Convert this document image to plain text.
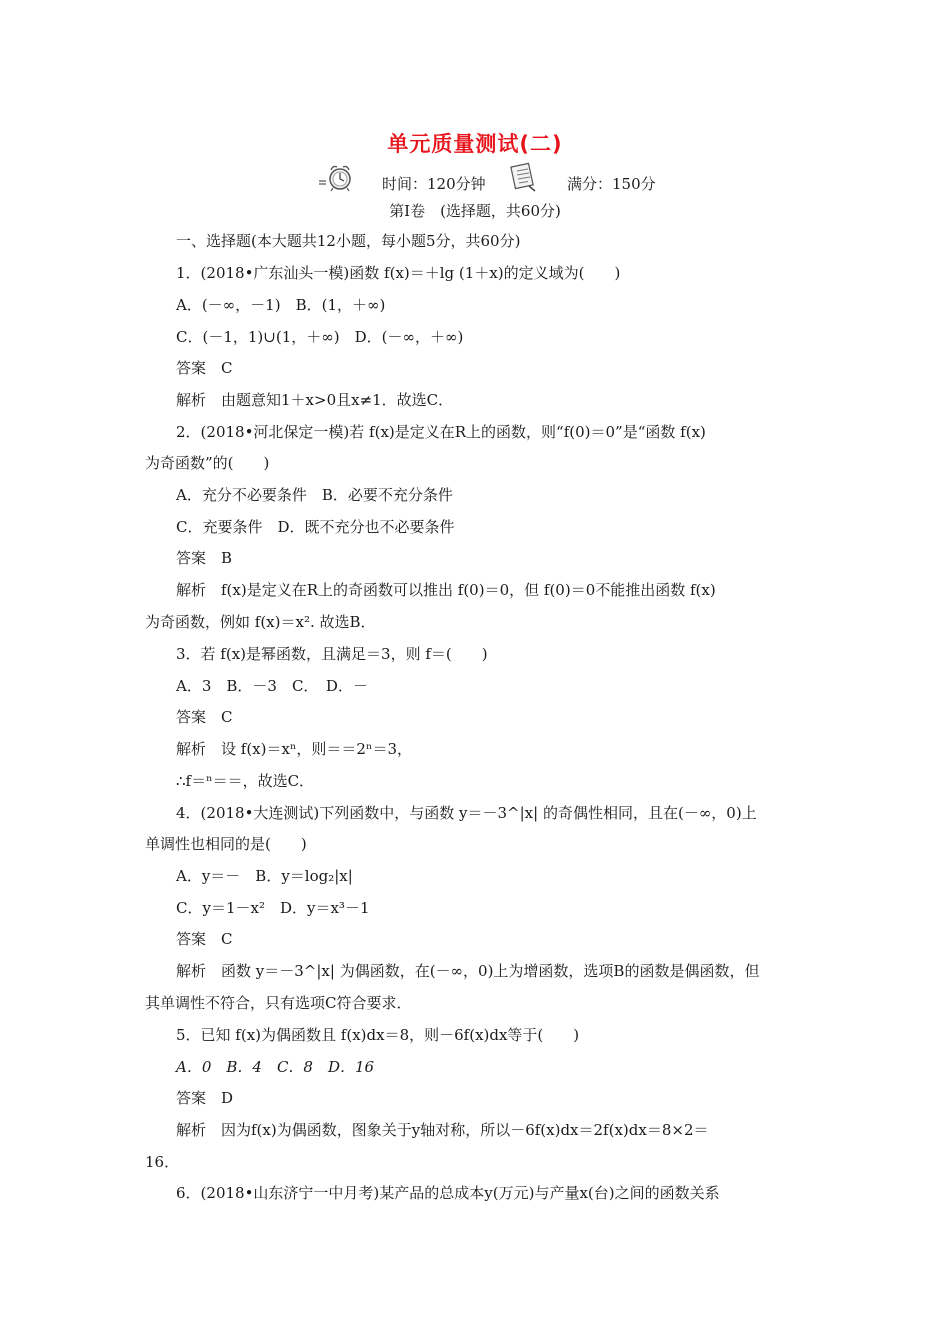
单元质量测试(二)
时间：120分钟	满分：150分
第Ⅰ卷　(选择题，共60分)
一、选择题(本大题共12小题，每小题5分，共60分)
1．(2018•广东汕头一模)函数 f(x)＝＋lg (1＋x)的定义域为(　　)
A．(－∞，－1)　B．(1，＋∞)
C．(－1，1)∪(1，＋∞)　D．(－∞，＋∞)
答案　C
解析　由题意知1＋x>0且x≠1．故选C．
2．(2018•河北保定一模)若 f(x)是定义在R上的函数，则“f(0)＝0”是“函数 f(x)
为奇函数”的(　　)
A．充分不必要条件　B．必要不充分条件
C．充要条件　D．既不充分也不必要条件
答案　B
解析　f(x)是定义在R上的奇函数可以推出 f(0)＝0，但 f(0)＝0不能推出函数 f(x)
为奇函数，例如 f(x)＝x². 故选B．
3．若 f(x)是幂函数，且满足＝3，则 f＝(　　)
A．3　B．－3　C．　D．－
答案　C
解析　设 f(x)＝xⁿ，则＝＝2ⁿ＝3，
∴f＝ⁿ＝＝，故选C．
4．(2018•大连测试)下列函数中，与函数 y＝－3^|x| 的奇偶性相同，且在(－∞，0)上
单调性也相同的是(　　)
A．y＝－　B．y＝log₂|x|
C．y＝1－x²　D．y＝x³－1
答案　C
解析　函数 y＝－3^|x| 为偶函数，在(－∞，0)上为增函数，选项B的函数是偶函数，但
其单调性不符合，只有选项C符合要求．
5．已知 f(x)为偶函数且 f(x)dx＝8，则－6f(x)dx等于(　　)
A．0　B．4　C．8　D．16
答案　D
解析　因为f(x)为偶函数，图象关于y轴对称，所以－6f(x)dx＝2f(x)dx＝8×2＝
16．
6．(2018•山东济宁一中月考)某产品的总成本y(万元)与产量x(台)之间的函数关系
